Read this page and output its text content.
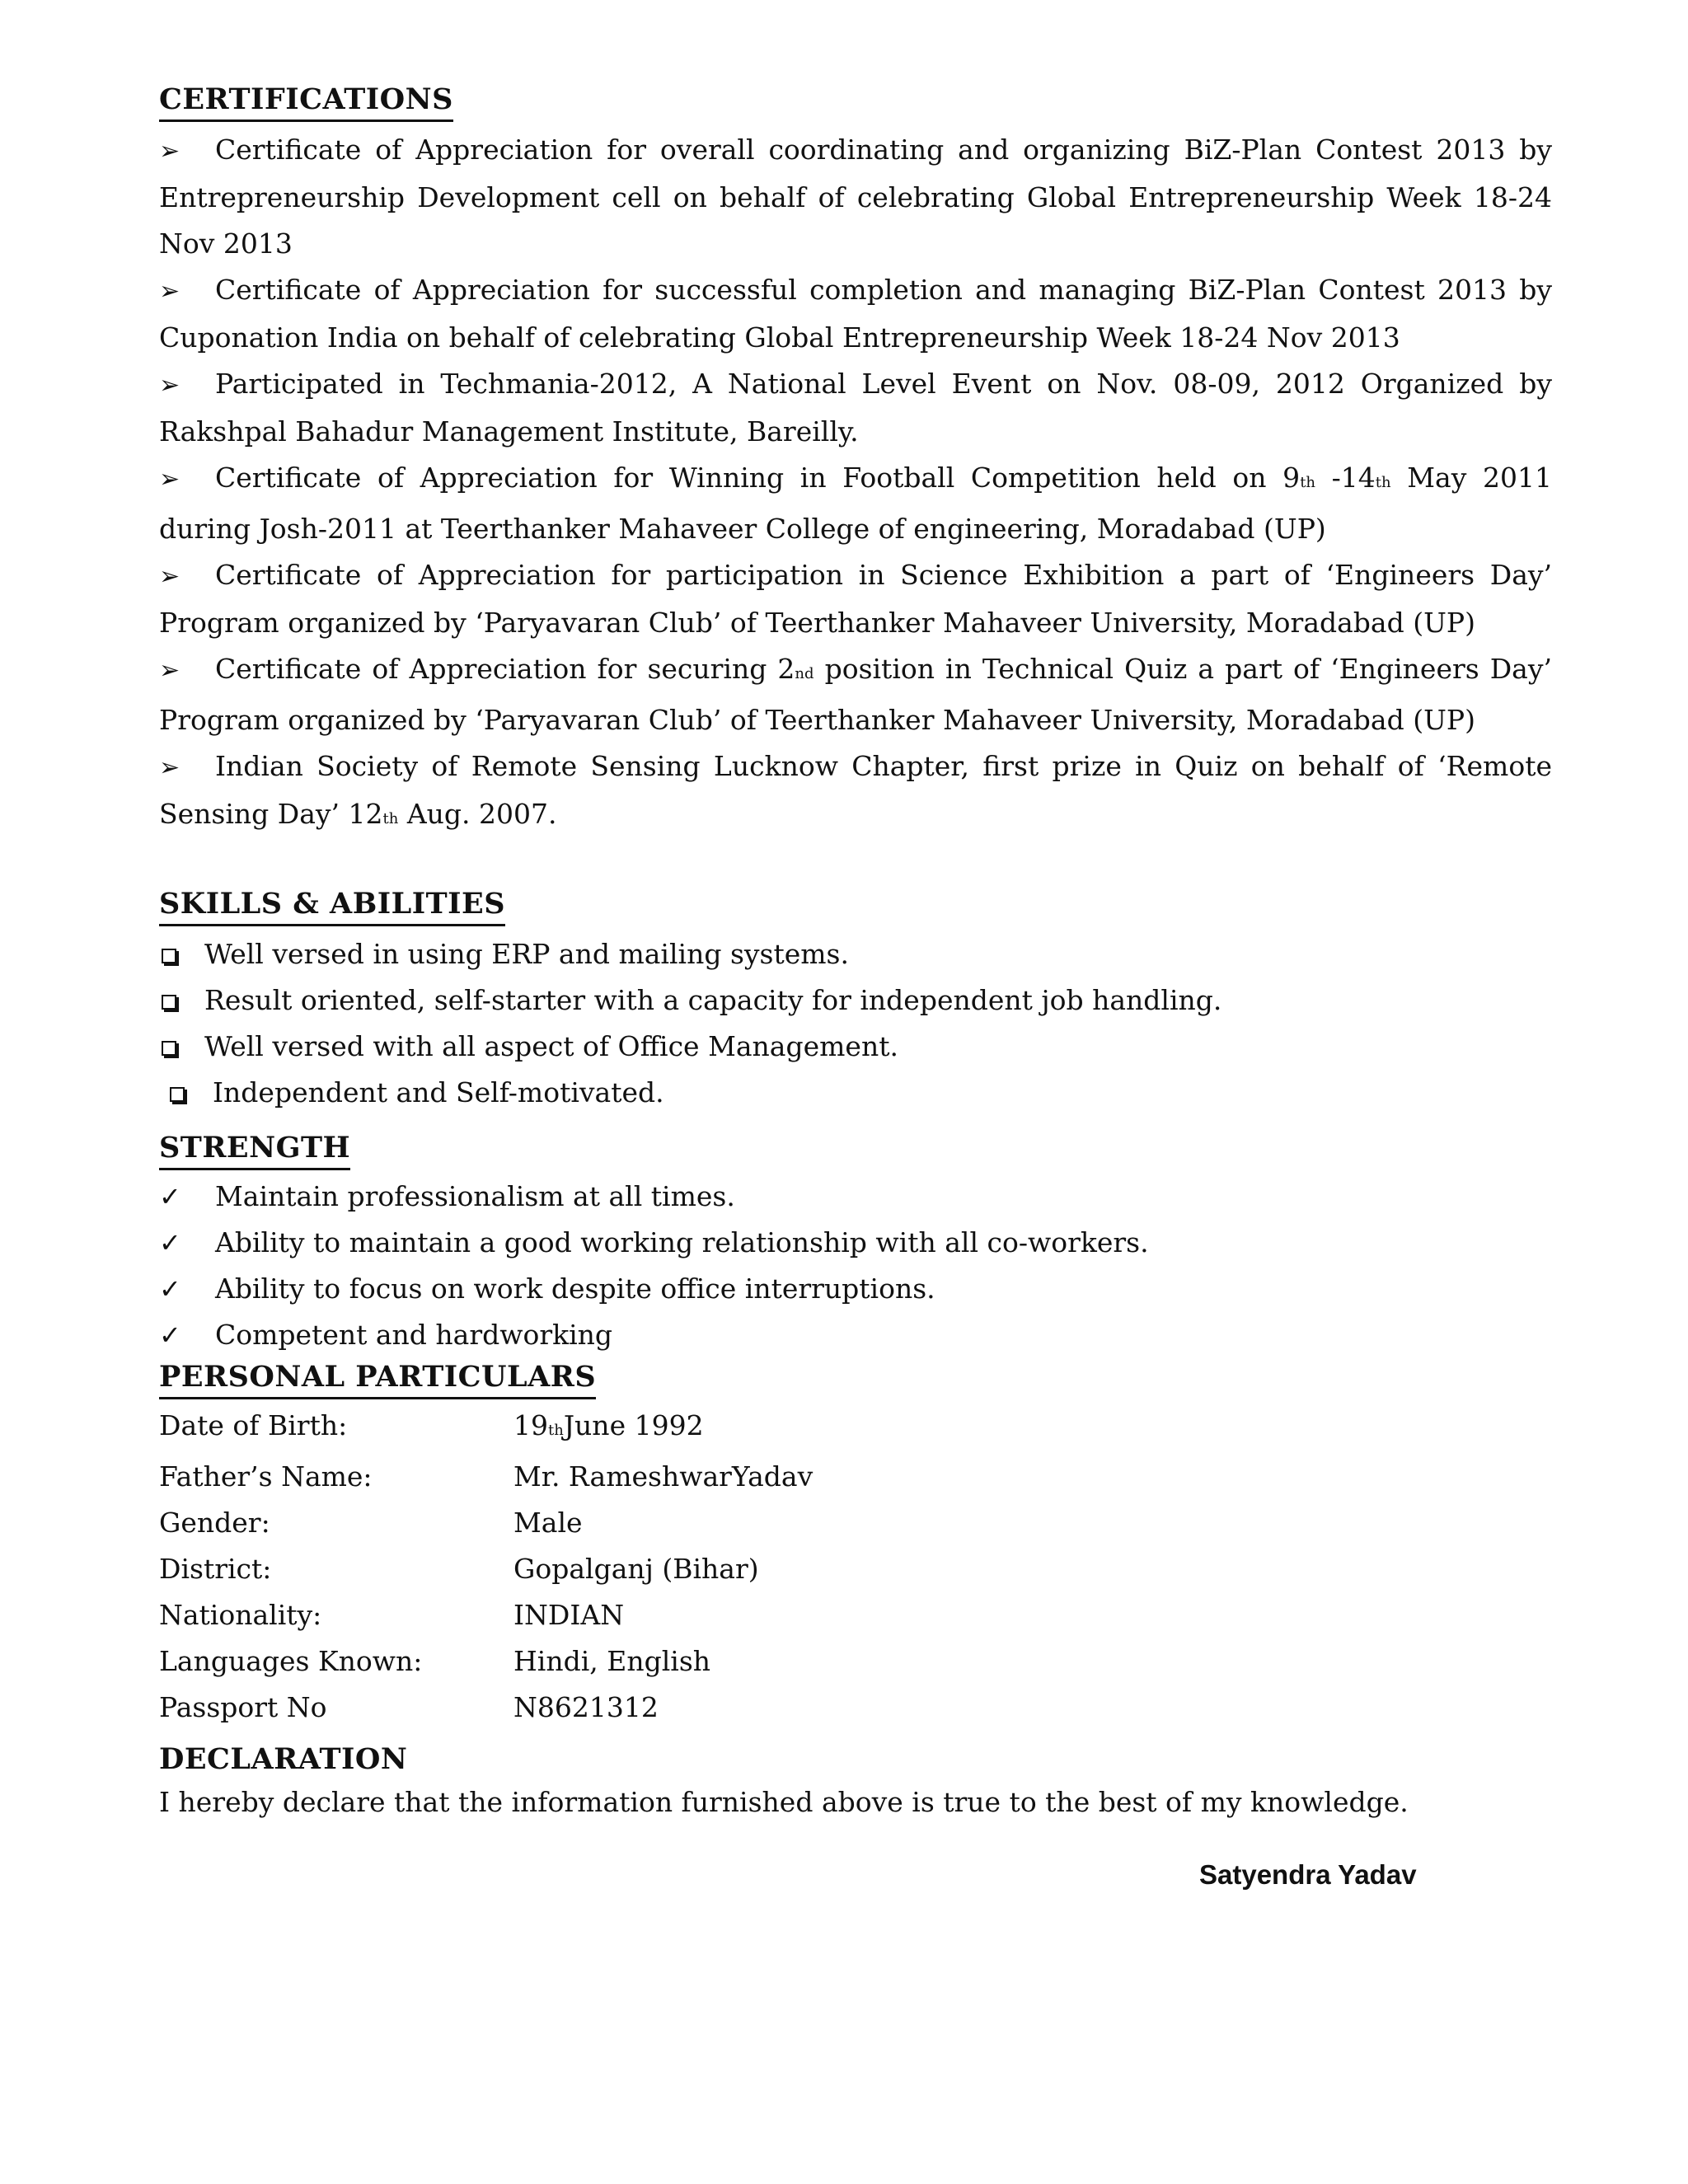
CERTIFICATIONS
➢ Certificate of Appreciation for overall coordinating and organizing BiZ-Plan Contest 2013 by Entrepreneurship Development cell on behalf of celebrating Global Entrepreneurship Week 18-24 Nov 2013
➢ Certificate of Appreciation for successful completion and managing BiZ-Plan Contest 2013 by Cuponation India on behalf of celebrating Global Entrepreneurship Week 18-24 Nov 2013
➢ Participated in Techmania-2012, A National Level Event on Nov. 08-09, 2012 Organized by Rakshpal Bahadur Management Institute, Bareilly.
➢ Certificate of Appreciation for Winning in Football Competition held on 9th -14th May 2011 during Josh-2011 at Teerthanker Mahaveer College of engineering, Moradabad (UP)
➢ Certificate of Appreciation for participation in Science Exhibition a part of ‘Engineers Day’ Program organized by ‘Paryavaran Club’ of Teerthanker Mahaveer University, Moradabad (UP)
➢ Certificate of Appreciation for securing 2nd position in Technical Quiz a part of ‘Engineers Day’ Program organized by ‘Paryavaran Club’ of Teerthanker Mahaveer University, Moradabad (UP)
➢ Indian Society of Remote Sensing Lucknow Chapter, first prize in Quiz on behalf of ‘Remote Sensing Day’ 12th Aug. 2007.
SKILLS & ABILITIES
Well versed in using ERP and mailing systems.
Result oriented, self-starter with a capacity for independent job handling.
Well versed with all aspect of Office Management.
Independent and Self-motivated.
STRENGTH
✓ Maintain professionalism at all times.
✓ Ability to maintain a good working relationship with all co-workers.
✓ Ability to focus on work despite office interruptions.
✓ Competent and hardworking
PERSONAL PARTICULARS
Date of Birth:	19thJune 1992
Father’s Name:	Mr. RameshwarYadav
Gender:	Male
District:	Gopalganj (Bihar)
Nationality:	INDIAN
Languages Known:	Hindi, English
Passport No	N8621312
DECLARATION
I hereby declare that the information furnished above is true to the best of my knowledge.
Satyendra Yadav
